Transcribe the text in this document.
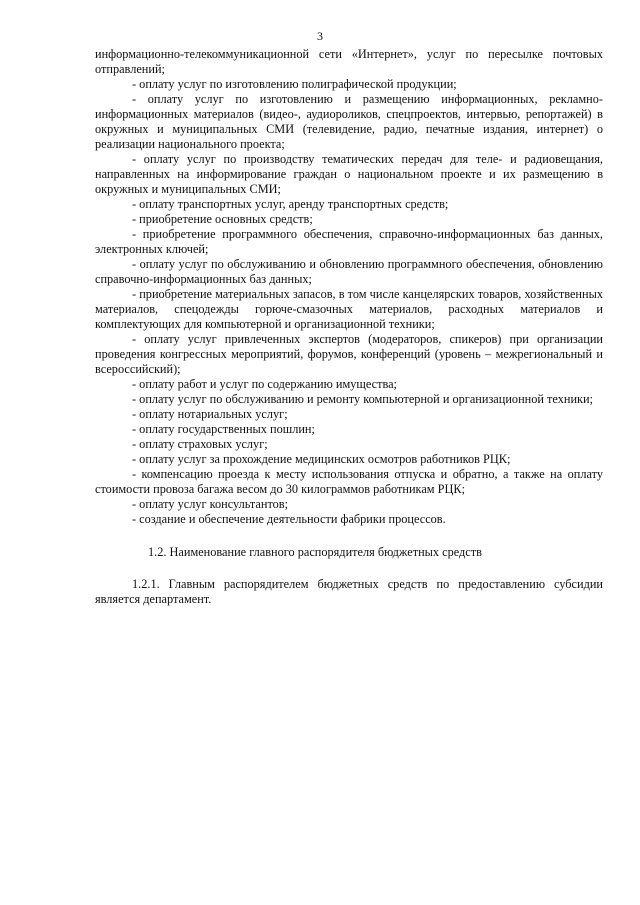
3

информационно-телекоммуникационной сети «Интернет», услуг по пересылке почтовых отправлений;

- оплату услуг по изготовлению полиграфической продукции;

- оплату услуг по изготовлению и размещению информационных, рекламно-информационных материалов (видео-, аудиороликов, спецпроектов, интервью, репортажей) в окружных и муниципальных СМИ (телевидение, радио, печатные издания, интернет) о реализации национального проекта;

- оплату услуг по производству тематических передач для теле- и радиовещания, направленных на информирование граждан о национальном проекте и их размещению в окружных и муниципальных СМИ;

- оплату транспортных услуг, аренду транспортных средств;

- приобретение основных средств;

- приобретение программного обеспечения, справочно-информационных баз данных, электронных ключей;

- оплату услуг по обслуживанию и обновлению программного обеспечения, обновлению справочно-информационных баз данных;

- приобретение материальных запасов, в том числе канцелярских товаров, хозяйственных материалов, спецодежды горюче-смазочных материалов, расходных материалов и комплектующих для компьютерной и организационной техники;

- оплату услуг привлеченных экспертов (модераторов, спикеров) при организации проведения конгрессных мероприятий, форумов, конференций (уровень – межрегиональный и всероссийский);

- оплату работ и услуг по содержанию имущества;

- оплату услуг по обслуживанию и ремонту компьютерной и организационной техники;

- оплату нотариальных услуг;

- оплату государственных пошлин;

- оплату страховых услуг;

- оплату услуг за прохождение медицинских осмотров работников РЦК;

- компенсацию проезда к месту использования отпуска и обратно, а также на оплату стоимости провоза багажа весом до 30 килограммов работникам РЦК;

- оплату услуг консультантов;

- создание и обеспечение деятельности фабрики процессов.

1.2. Наименование главного распорядителя бюджетных средств

1.2.1. Главным распорядителем бюджетных средств по предоставлению субсидии является департамент.
